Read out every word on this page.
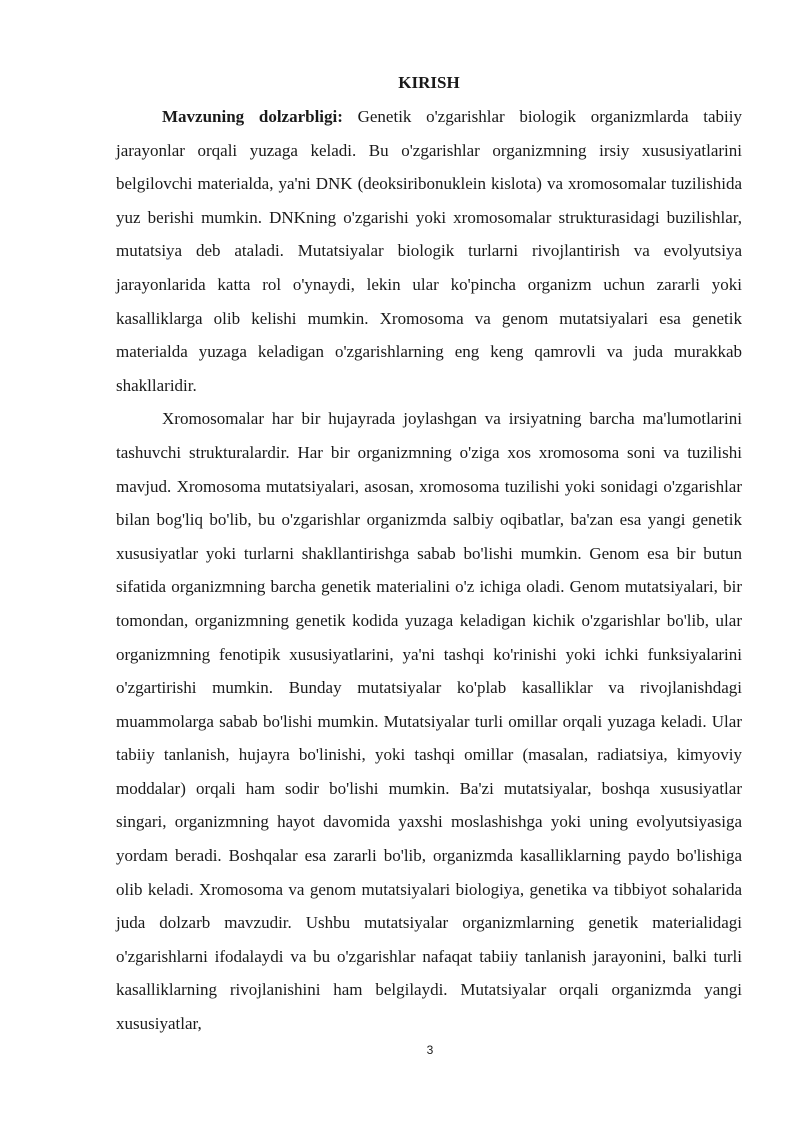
KIRISH

Mavzuning dolzarbligi: Genetik o'zgarishlar biologik organizmlarda tabiiy jarayonlar orqali yuzaga keladi. Bu o'zgarishlar organizmning irsiy xususiyatlarini belgilovchi materialda, ya'ni DNK (deoksiribonuklein kislota) va xromosomalar tuzilishida yuz berishi mumkin. DNKning o'zgarishi yoki xromosomalar strukturasidagi buzilishlar, mutatsiya deb ataladi. Mutatsiyalar biologik turlarni rivojlantirish va evolyutsiya jarayonlarida katta rol o'ynaydi, lekin ular ko'pincha organizm uchun zararli yoki kasalliklarga olib kelishi mumkin. Xromosoma va genom mutatsiyalari esa genetik materialda yuzaga keladigan o'zgarishlarning eng keng qamrovli va juda murakkab shakllaridir.

Xromosomalar har bir hujayrada joylashgan va irsiyatning barcha ma'lumotlarini tashuvchi strukturalardir. Har bir organizmning o'ziga xos xromosoma soni va tuzilishi mavjud. Xromosoma mutatsiyalari, asosan, xromosoma tuzilishi yoki sonidagi o'zgarishlar bilan bog'liq bo'lib, bu o'zgarishlar organizmda salbiy oqibatlar, ba'zan esa yangi genetik xususiyatlar yoki turlarni shakllantirishga sabab bo'lishi mumkin. Genom esa bir butun sifatida organizmning barcha genetik materialini o'z ichiga oladi. Genom mutatsiyalari, bir tomondan, organizmning genetik kodida yuzaga keladigan kichik o'zgarishlar bo'lib, ular organizmning fenotipik xususiyatlarini, ya'ni tashqi ko'rinishi yoki ichki funksiyalarini o'zgartirishi mumkin. Bunday mutatsiyalar ko'plab kasalliklar va rivojlanishdagi muammolarga sabab bo'lishi mumkin. Mutatsiyalar turli omillar orqali yuzaga keladi. Ular tabiiy tanlanish, hujayra bo'linishi, yoki tashqi omillar (masalan, radiatsiya, kimyoviy moddalar) orqali ham sodir bo'lishi mumkin. Ba'zi mutatsiyalar, boshqa xususiyatlar singari, organizmning hayot davomida yaxshi moslashishga yoki uning evolyutsiyasiga yordam beradi. Boshqalar esa zararli bo'lib, organizmda kasalliklarning paydo bo'lishiga olib keladi. Xromosoma va genom mutatsiyalari biologiya, genetika va tibbiyot sohalarida juda dolzarb mavzudir. Ushbu mutatsiyalar organizmlarning genetik materialidagi o'zgarishlarni ifodalaydi va bu o'zgarishlar nafaqat tabiiy tanlanish jarayonini, balki turli kasalliklarning rivojlanishini ham belgilaydi. Mutatsiyalar orqali organizmda yangi xususiyatlar,

3
